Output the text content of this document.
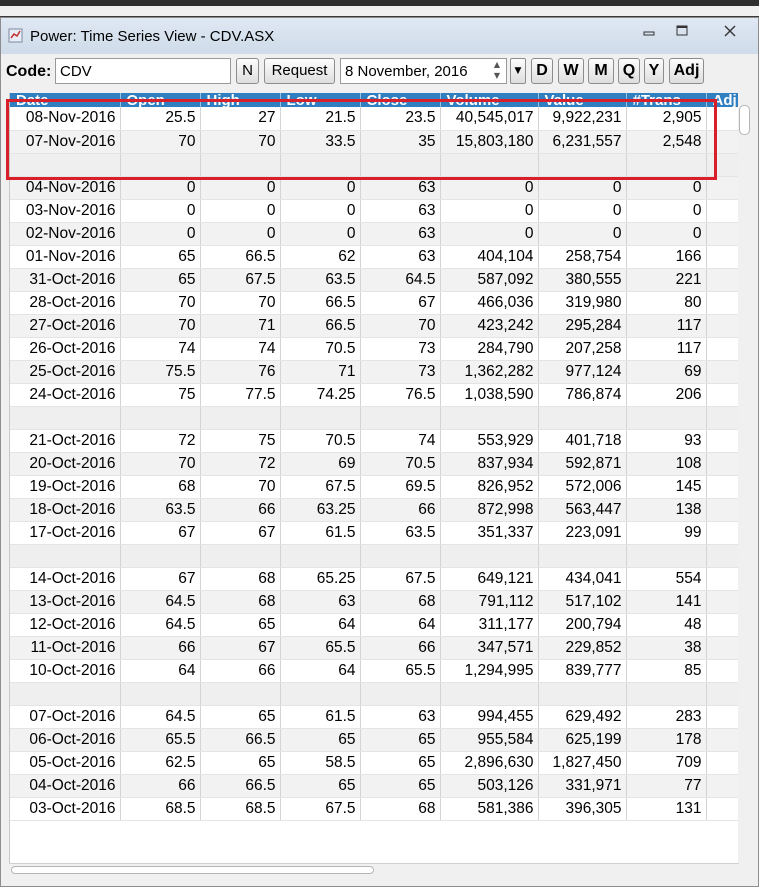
Power: Time Series View - CDV.ASX
Code: CDV	N	Request	8 November, 2016	▲
▼	▼ D W M Q Y Adj
Date	Open	High	Low	Close	Volume	Value	#Trans	Adj
08-Nov-2016	25.5	27	21.5	23.5	40,545,017	9,922,231	2,905	
07-Nov-2016	70	70	33.5	35	15,803,180	6,231,557	2,548	

04-Nov-2016	0	0	0	63	0	0	0	
03-Nov-2016	0	0	0	63	0	0	0	
02-Nov-2016	0	0	0	63	0	0	0	
01-Nov-2016	65	66.5	62	63	404,104	258,754	166	
31-Oct-2016	65	67.5	63.5	64.5	587,092	380,555	221	
28-Oct-2016	70	70	66.5	67	466,036	319,980	80	
27-Oct-2016	70	71	66.5	70	423,242	295,284	117	
26-Oct-2016	74	74	70.5	73	284,790	207,258	117	
25-Oct-2016	75.5	76	71	73	1,362,282	977,124	69	
24-Oct-2016	75	77.5	74.25	76.5	1,038,590	786,874	206	

21-Oct-2016	72	75	70.5	74	553,929	401,718	93	
20-Oct-2016	70	72	69	70.5	837,934	592,871	108	
19-Oct-2016	68	70	67.5	69.5	826,952	572,006	145	
18-Oct-2016	63.5	66	63.25	66	872,998	563,447	138	
17-Oct-2016	67	67	61.5	63.5	351,337	223,091	99	

14-Oct-2016	67	68	65.25	67.5	649,121	434,041	554	
13-Oct-2016	64.5	68	63	68	791,112	517,102	141	
12-Oct-2016	64.5	65	64	64	311,177	200,794	48	
11-Oct-2016	66	67	65.5	66	347,571	229,852	38	
10-Oct-2016	64	66	64	65.5	1,294,995	839,777	85	

07-Oct-2016	64.5	65	61.5	63	994,455	629,492	283	
06-Oct-2016	65.5	66.5	65	65	955,584	625,199	178	
05-Oct-2016	62.5	65	58.5	65	2,896,630	1,827,450	709	
04-Oct-2016	66	66.5	65	65	503,126	331,971	77	
03-Oct-2016	68.5	68.5	67.5	68	581,386	396,305	131	
